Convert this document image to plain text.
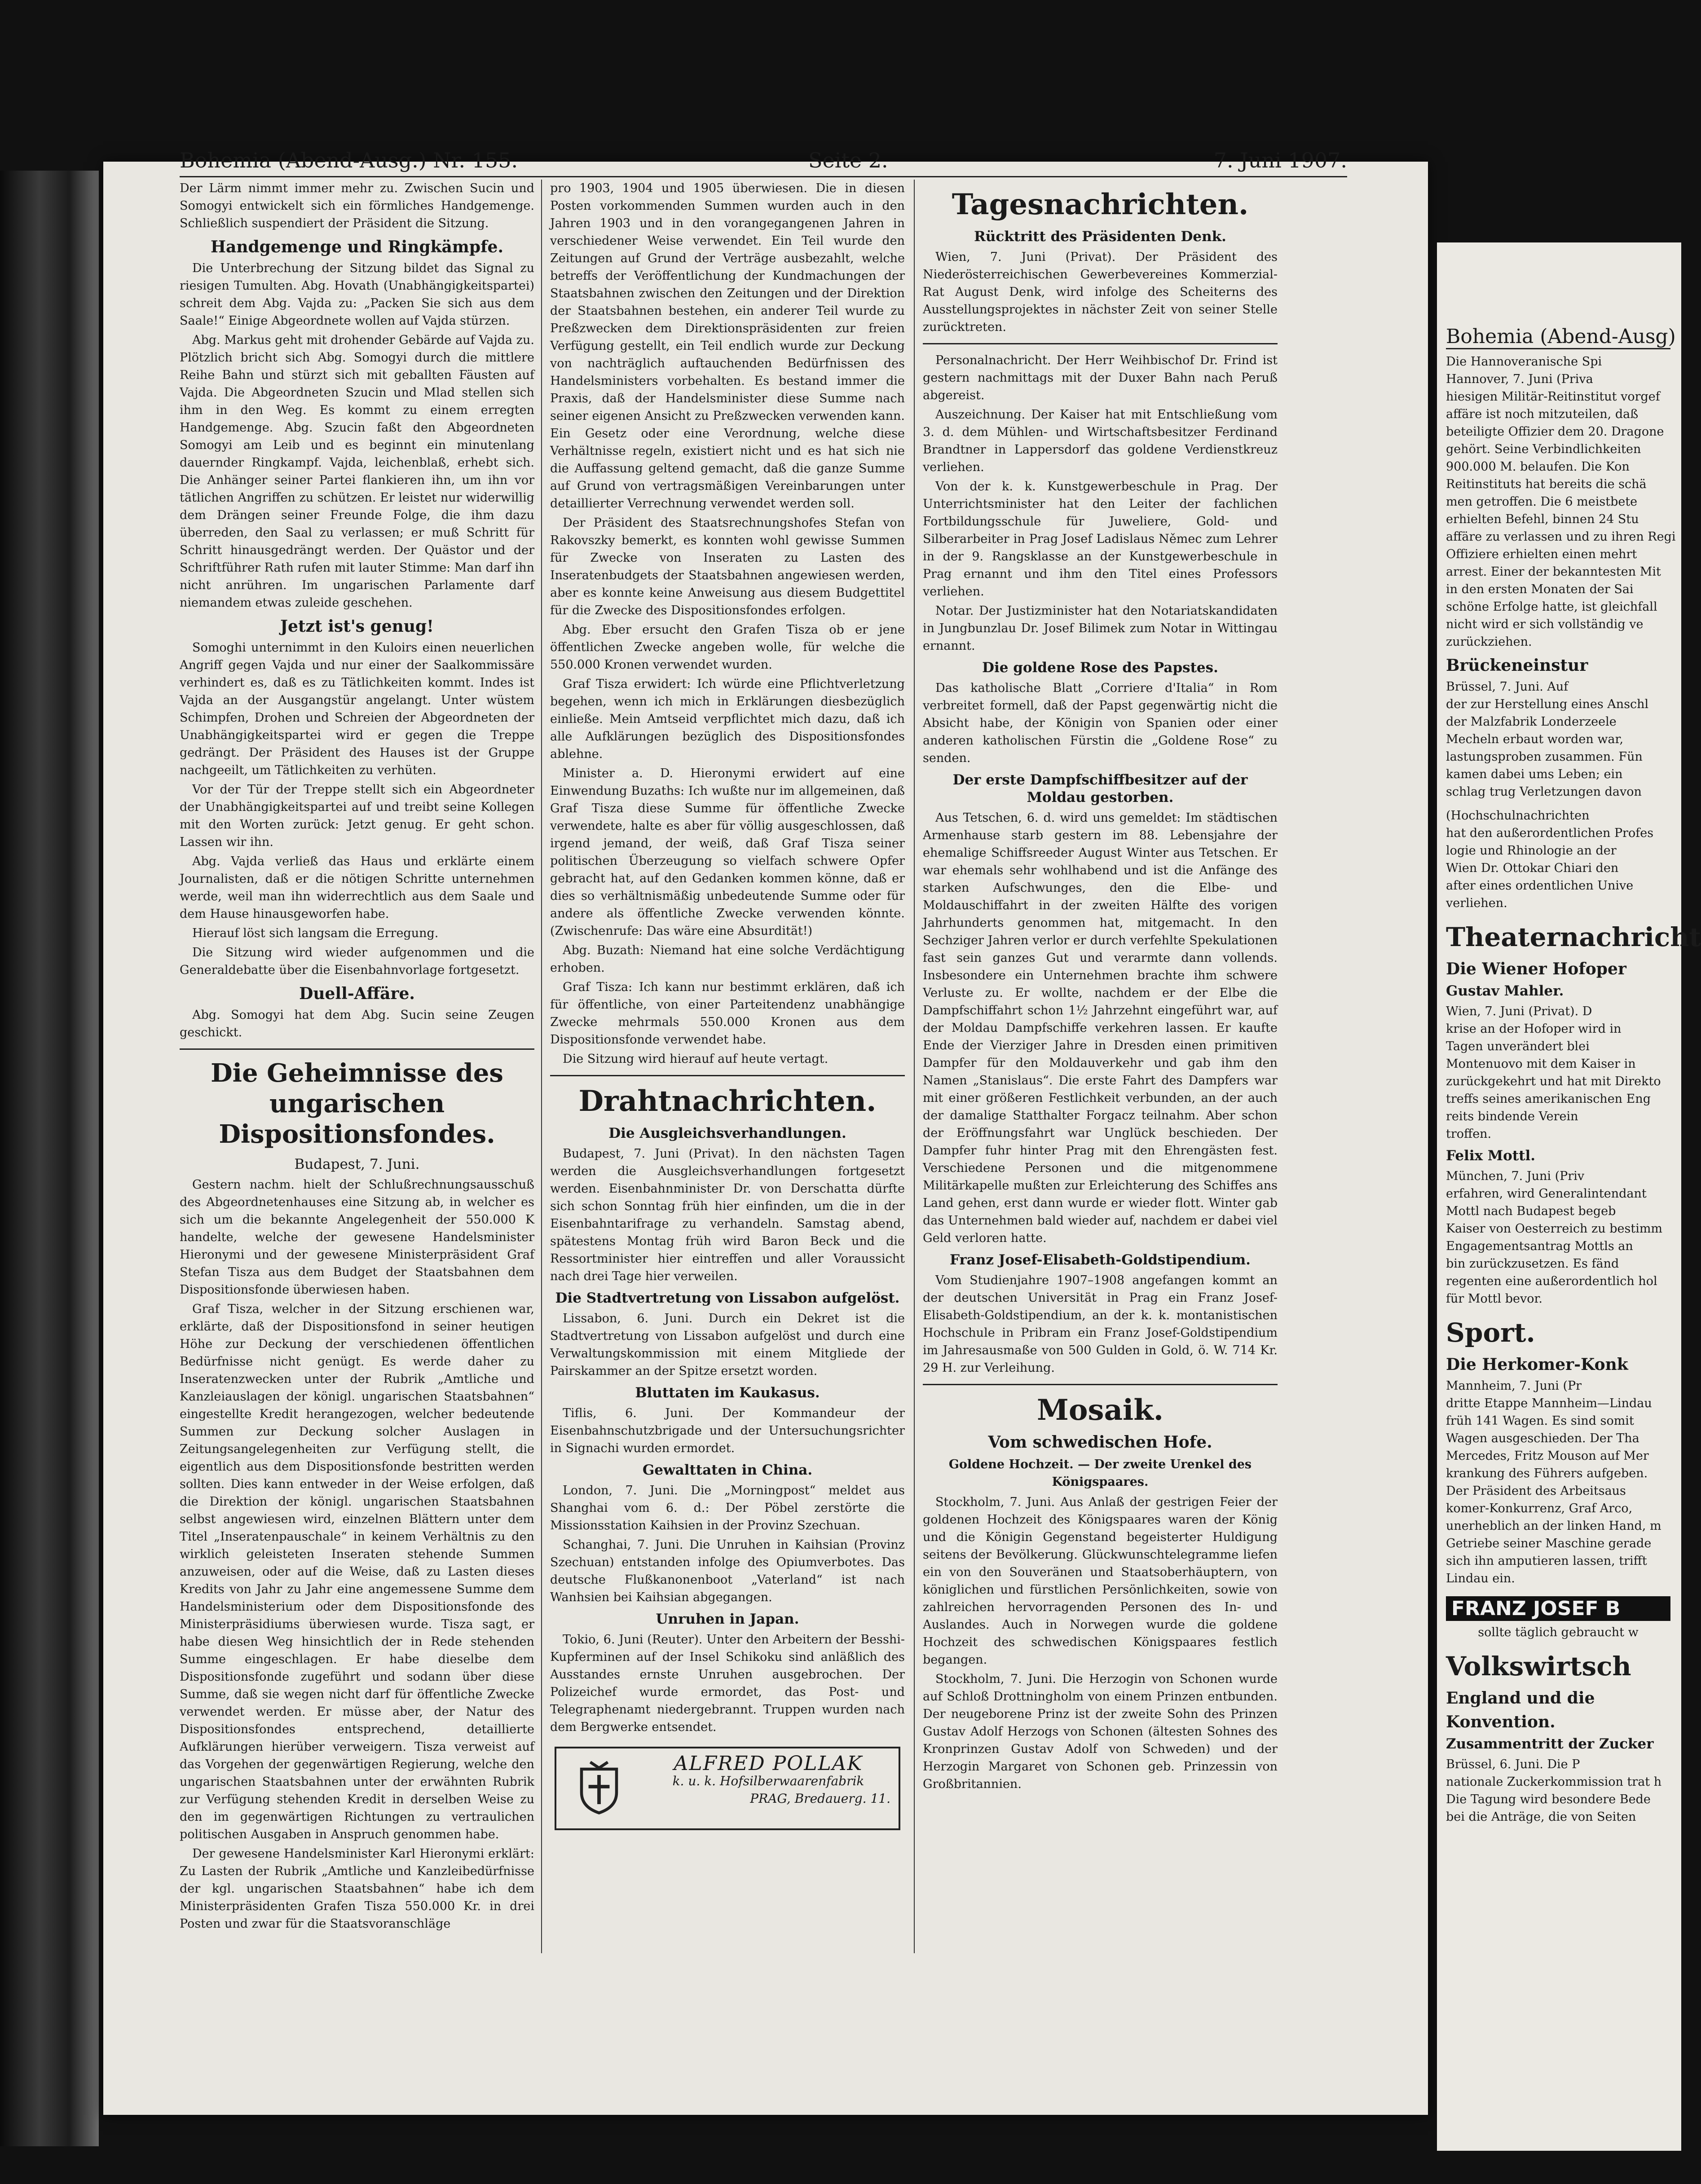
Bohemia (Abend-Ausg.) Nr. 155.	Seite 2.	7. Juni 1907.

Der Lärm nimmt immer mehr zu. Zwischen Sucin und Somogyi entwickelt sich ein förmliches Handgemenge. Schließlich suspendiert der Präsident die Sitzung.

Handgemenge und Ringkämpfe.

Die Unterbrechung der Sitzung bildet das Signal zu riesigen Tumulten. Abg. Hovath (Unabhängigkeitspartei) schreit dem Abg. Vajda zu: „Packen Sie sich aus dem Saale!“ Einige Abgeordnete wollen auf Vajda stürzen.

Abg. Markus geht mit drohender Gebärde auf Vajda zu. Plötzlich bricht sich Abg. Somogyi durch die mittlere Reihe Bahn und stürzt sich mit geballten Fäusten auf Vajda. Die Abgeordneten Szucin und Mlad stellen sich ihm in den Weg. Es kommt zu einem erregten Handgemenge. Abg. Szucin faßt den Abgeordneten Somogyi am Leib und es beginnt ein minutenlang dauernder Ringkampf. Vajda, leichenblaß, erhebt sich. Die Anhänger seiner Partei flankieren ihn, um ihn vor tätlichen Angriffen zu schützen. Er leistet nur widerwillig dem Drängen seiner Freunde Folge, die ihm dazu überreden, den Saal zu verlassen; er muß Schritt für Schritt hinausgedrängt werden. Der Quästor und der Schriftführer Rath rufen mit lauter Stimme: Man darf ihn nicht anrühren. Im ungarischen Parlamente darf niemandem etwas zuleide geschehen.

Jetzt ist's genug!

Somoghi unternimmt in den Kuloirs einen neuerlichen Angriff gegen Vajda und nur einer der Saalkommissäre verhindert es, daß es zu Tätlichkeiten kommt. Indes ist Vajda an der Ausgangstür angelangt. Unter wüstem Schimpfen, Drohen und Schreien der Abgeordneten der Unabhängigkeitspartei wird er gegen die Treppe gedrängt. Der Präsident des Hauses ist der Gruppe nachgeeilt, um Tätlichkeiten zu verhüten.

Vor der Tür der Treppe stellt sich ein Abgeordneter der Unabhängigkeitspartei auf und treibt seine Kollegen mit den Worten zurück: Jetzt genug. Er geht schon. Lassen wir ihn.

Abg. Vajda verließ das Haus und erklärte einem Journalisten, daß er die nötigen Schritte unternehmen werde, weil man ihn widerrechtlich aus dem Saale und dem Hause hinausgeworfen habe.

Hierauf löst sich langsam die Erregung.

Die Sitzung wird wieder aufgenommen und die Generaldebatte über die Eisenbahnvorlage fortgesetzt.

Duell-Affäre.

Abg. Somogyi hat dem Abg. Sucin seine Zeugen geschickt.

Die Geheimnisse des ungarischen Dispositionsfondes.
Budapest, 7. Juni.

Gestern nachm. hielt der Schlußrechnungsausschuß des Abgeordnetenhauses eine Sitzung ab, in welcher es sich um die bekannte Angelegenheit der 550.000 K handelte, welche der gewesene Handelsminister Hieronymi und der gewesene Ministerpräsident Graf Stefan Tisza aus dem Budget der Staatsbahnen dem Dispositionsfonde überwiesen haben.

Graf Tisza, welcher in der Sitzung erschienen war, erklärte, daß der Dispositionsfond in seiner heutigen Höhe zur Deckung der verschiedenen öffentlichen Bedürfnisse nicht genügt. Es werde daher zu Inseratenzwecken unter der Rubrik „Amtliche und Kanzleiauslagen der königl. ungarischen Staatsbahnen“ eingestellte Kredit herangezogen, welcher bedeutende Summen zur Deckung solcher Auslagen in Zeitungsangelegenheiten zur Verfügung stellt, die eigentlich aus dem Dispositionsfonde bestritten werden sollten. Dies kann entweder in der Weise erfolgen, daß die Direktion der königl. ungarischen Staatsbahnen selbst angewiesen wird, einzelnen Blättern unter dem Titel „Inseratenpauschale“ in keinem Verhältnis zu den wirklich geleisteten Inseraten stehende Summen anzuweisen, oder auf die Weise, daß zu Lasten dieses Kredits von Jahr zu Jahr eine angemessene Summe dem Handelsministerium oder dem Dispositionsfonde des Ministerpräsidiums überwiesen wurde. Tisza sagt, er habe diesen Weg hinsichtlich der in Rede stehenden Summe eingeschlagen. Er habe dieselbe dem Dispositionsfonde zugeführt und sodann über diese Summe, daß sie wegen nicht darf für öffentliche Zwecke verwendet werden. Er müsse aber, der Natur des Dispositionsfondes entsprechend, detaillierte Aufklärungen hierüber verweigern. Tisza verweist auf das Vorgehen der gegenwärtigen Regierung, welche den ungarischen Staatsbahnen unter der erwähnten Rubrik zur Verfügung stehenden Kredit in derselben Weise zu den im gegenwärtigen Richtungen zu vertraulichen politischen Ausgaben in Anspruch genommen habe.

Der gewesene Handelsminister Karl Hieronymi erklärt: Zu Lasten der Rubrik „Amtliche und Kanzleibedürfnisse der kgl. ungarischen Staatsbahnen“ habe ich dem Ministerpräsidenten Grafen Tisza 550.000 Kr. in drei Posten und zwar für die Staatsvoranschläge

pro 1903, 1904 und 1905 überwiesen. Die in diesen Posten vorkommenden Summen wurden auch in den Jahren 1903 und in den vorangegangenen Jahren in verschiedener Weise verwendet. Ein Teil wurde den Zeitungen auf Grund der Verträge ausbezahlt, welche betreffs der Veröffentlichung der Kundmachungen der Staatsbahnen zwischen den Zeitungen und der Direktion der Staatsbahnen bestehen, ein anderer Teil wurde zu Preßzwecken dem Direktionspräsidenten zur freien Verfügung gestellt, ein Teil endlich wurde zur Deckung von nachträglich auftauchenden Bedürfnissen des Handelsministers vorbehalten. Es bestand immer die Praxis, daß der Handelsminister diese Summe nach seiner eigenen Ansicht zu Preßzwecken verwenden kann. Ein Gesetz oder eine Verordnung, welche diese Verhältnisse regeln, existiert nicht und es hat sich nie die Auffassung geltend gemacht, daß die ganze Summe auf Grund von vertragsmäßigen Vereinbarungen unter detaillierter Verrechnung verwendet werden soll.

Der Präsident des Staatsrechnungshofes Stefan von Rakovszky bemerkt, es konnten wohl gewisse Summen für Zwecke von Inseraten zu Lasten des Inseratenbudgets der Staatsbahnen angewiesen werden, aber es konnte keine Anweisung aus diesem Budgettitel für die Zwecke des Dispositionsfondes erfolgen.

Abg. Eber ersucht den Grafen Tisza ob er jene öffentlichen Zwecke angeben wolle, für welche die 550.000 Kronen verwendet wurden.

Graf Tisza erwidert: Ich würde eine Pflichtverletzung begehen, wenn ich mich in Erklärungen diesbezüglich einließe. Mein Amtseid verpflichtet mich dazu, daß ich alle Aufklärungen bezüglich des Dispositionsfondes ablehne.

Minister a. D. Hieronymi erwidert auf eine Einwendung Buzaths: Ich wußte nur im allgemeinen, daß Graf Tisza diese Summe für öffentliche Zwecke verwendete, halte es aber für völlig ausgeschlossen, daß irgend jemand, der weiß, daß Graf Tisza seiner politischen Überzeugung so vielfach schwere Opfer gebracht hat, auf den Gedanken kommen könne, daß er dies so verhältnismäßig unbedeutende Summe oder für andere als öffentliche Zwecke verwenden könnte. (Zwischenrufe: Das wäre eine Absurdität!)

Abg. Buzath: Niemand hat eine solche Verdächtigung erhoben.

Graf Tisza: Ich kann nur bestimmt erklären, daß ich für öffentliche, von einer Parteitendenz unabhängige Zwecke mehrmals 550.000 Kronen aus dem Dispositionsfonde verwendet habe.

Die Sitzung wird hierauf auf heute vertagt.

Drahtnachrichten.
Die Ausgleichsverhandlungen.

Budapest, 7. Juni (Privat). In den nächsten Tagen werden die Ausgleichsverhandlungen fortgesetzt werden. Eisenbahnminister Dr. von Derschatta dürfte sich schon Sonntag früh hier einfinden, um die in der Eisenbahntarifrage zu verhandeln. Samstag abend, spätestens Montag früh wird Baron Beck und die Ressortminister hier eintreffen und aller Voraussicht nach drei Tage hier verweilen.

Die Stadtvertretung von Lissabon aufgelöst.

Lissabon, 6. Juni. Durch ein Dekret ist die Stadtvertretung von Lissabon aufgelöst und durch eine Verwaltungskommission mit einem Mitgliede der Pairskammer an der Spitze ersetzt worden.

Bluttaten im Kaukasus.

Tiflis, 6. Juni. Der Kommandeur der Eisenbahnschutzbrigade und der Untersuchungsrichter in Signachi wurden ermordet.

Gewalttaten in China.

London, 7. Juni. Die „Morningpost“ meldet aus Shanghai vom 6. d.: Der Pöbel zerstörte die Missionsstation Kaihsien in der Provinz Szechuan.

Schanghai, 7. Juni. Die Unruhen in Kaihsian (Provinz Szechuan) entstanden infolge des Opiumverbotes. Das deutsche Flußkanonenboot „Vaterland“ ist nach Wanhsien bei Kaihsian abgegangen.

Unruhen in Japan.

Tokio, 6. Juni (Reuter). Unter den Arbeitern der Besshi-Kupferminen auf der Insel Schikoku sind anläßlich des Ausstandes ernste Unruhen ausgebrochen. Der Polizeichef wurde ermordet, das Post- und Telegraphenamt niedergebrannt. Truppen wurden nach dem Bergwerke entsendet.

ALFRED POLLAK
k. u. k. Hofsilberwaarenfabrik
PRAG, Bredauerg. 11.
Tagesnachrichten.
Rücktritt des Präsidenten Denk.

Wien, 7. Juni (Privat). Der Präsident des Niederösterreichischen Gewerbevereines Kommerzial-Rat August Denk, wird infolge des Scheiterns des Ausstellungsprojektes in nächster Zeit von seiner Stelle zurücktreten.

Personalnachricht. Der Herr Weihbischof Dr. Frind ist gestern nachmittags mit der Duxer Bahn nach Peruß abgereist.

Auszeichnung. Der Kaiser hat mit Entschließung vom 3. d. dem Mühlen- und Wirtschaftsbesitzer Ferdinand Brandtner in Lappersdorf das goldene Verdienstkreuz verliehen.

Von der k. k. Kunstgewerbeschule in Prag. Der Unterrichtsminister hat den Leiter der fachlichen Fortbildungsschule für Juweliere, Gold- und Silberarbeiter in Prag Josef Ladislaus Němec zum Lehrer in der 9. Rangsklasse an der Kunstgewerbeschule in Prag ernannt und ihm den Titel eines Professors verliehen.

Notar. Der Justizminister hat den Notariatskandidaten in Jungbunzlau Dr. Josef Bilimek zum Notar in Wittingau ernannt.

Die goldene Rose des Papstes.

Das katholische Blatt „Corriere d'Italia“ in Rom verbreitet formell, daß der Papst gegenwärtig nicht die Absicht habe, der Königin von Spanien oder einer anderen katholischen Fürstin die „Goldene Rose“ zu senden.

Der erste Dampfschiffbesitzer auf der Moldau gestorben.

Aus Tetschen, 6. d. wird uns gemeldet: Im städtischen Armenhause starb gestern im 88. Lebensjahre der ehemalige Schiffsreeder August Winter aus Tetschen. Er war ehemals sehr wohlhabend und ist die Anfänge des starken Aufschwunges, den die Elbe- und Moldauschiffahrt in der zweiten Hälfte des vorigen Jahrhunderts genommen hat, mitgemacht. In den Sechziger Jahren verlor er durch verfehlte Spekulationen fast sein ganzes Gut und verarmte dann vollends. Insbesondere ein Unternehmen brachte ihm schwere Verluste zu. Er wollte, nachdem er der Elbe die Dampfschiffahrt schon 1½ Jahrzehnt eingeführt war, auf der Moldau Dampfschiffe verkehren lassen. Er kaufte Ende der Vierziger Jahre in Dresden einen primitiven Dampfer für den Moldauverkehr und gab ihm den Namen „Stanislaus“. Die erste Fahrt des Dampfers war mit einer größeren Festlichkeit verbunden, an der auch der damalige Statthalter Forgacz teilnahm. Aber schon der Eröffnungsfahrt war Unglück beschieden. Der Dampfer fuhr hinter Prag mit den Ehrengästen fest. Verschiedene Personen und die mitgenommene Militärkapelle mußten zur Erleichterung des Schiffes ans Land gehen, erst dann wurde er wieder flott. Winter gab das Unternehmen bald wieder auf, nachdem er dabei viel Geld verloren hatte.

Franz Josef-Elisabeth-Goldstipendium.

Vom Studienjahre 1907–1908 angefangen kommt an der deutschen Universität in Prag ein Franz Josef-Elisabeth-Goldstipendium, an der k. k. montanistischen Hochschule in Pribram ein Franz Josef-Goldstipendium im Jahresausmaße von 500 Gulden in Gold, ö. W. 714 Kr. 29 H. zur Verleihung.

Mosaik.
Vom schwedischen Hofe.
Goldene Hochzeit. — Der zweite Urenkel des Königspaares.

Stockholm, 7. Juni. Aus Anlaß der gestrigen Feier der goldenen Hochzeit des Königspaares waren der König und die Königin Gegenstand begeisterter Huldigung seitens der Bevölkerung. Glückwunschtelegramme liefen ein von den Souveränen und Staatsoberhäuptern, von königlichen und fürstlichen Persönlichkeiten, sowie von zahlreichen hervorragenden Personen des In- und Auslandes. Auch in Norwegen wurde die goldene Hochzeit des schwedischen Königspaares festlich begangen.

Stockholm, 7. Juni. Die Herzogin von Schonen wurde auf Schloß Drottningholm von einem Prinzen entbunden. Der neugeborene Prinz ist der zweite Sohn des Prinzen Gustav Adolf Herzogs von Schonen (ältesten Sohnes des Kronprinzen Gustav Adolf von Schweden) und der Herzogin Margaret von Schonen geb. Prinzessin von Großbritannien.

Bohemia (Abend-Ausg)
Die Hannoveranische Spi
Hannover, 7. Juni (Priva
hiesigen Militär-Reitinstitut vorgef
affäre ist noch mitzuteilen, daß
beteiligte Offizier dem 20. Dragone
gehört. Seine Verbindlichkeiten
900.000 M. belaufen. Die Kon
Reitinstituts hat bereits die schä
men getroffen. Die 6 meistbete
erhielten Befehl, binnen 24 Stu
affäre zu verlassen und zu ihren Regi
Offiziere erhielten einen mehrt
arrest. Einer der bekanntesten Mit
in den ersten Monaten der Sai
schöne Erfolge hatte, ist gleichfall
nicht wird er sich vollständig ve
zurückziehen.
Brückeneinstur
Brüssel, 7. Juni. Auf
der zur Herstellung eines Anschl
der Malzfabrik Londerzeele
Mecheln erbaut worden war,
lastungsproben zusammen. Fün
kamen dabei ums Leben; ein
schlag trug Verletzungen davon
(Hochschulnachrichten
hat den außerordentlichen Profes
logie und Rhinologie an der
Wien Dr. Ottokar Chiari den
after eines ordentlichen Unive
verliehen.
Theaternachricht
Die Wiener Hofoper
Gustav Mahler.
Wien, 7. Juni (Privat). D
krise an der Hofoper wird in
Tagen unverändert blei
Montenuovo mit dem Kaiser in
zurückgekehrt und hat mit Direkto
treffs seines amerikanischen Eng
reits bindende Verein
troffen.
Felix Mottl.
München, 7. Juni (Priv
erfahren, wird Generalintendant
Mottl nach Budapest begeb
Kaiser von Oesterreich zu bestimm
Engagementsantrag Mottls an
bin zurückzusetzen. Es fänd
regenten eine außerordentlich hol
für Mottl bevor.
Sport.
Die Herkomer-Konk
Mannheim, 7. Juni (Pr
dritte Etappe Mannheim—Lindau
früh 141 Wagen. Es sind somit
Wagen ausgeschieden. Der Tha
Mercedes, Fritz Mouson auf Mer
krankung des Führers aufgeben.
Der Präsident des Arbeitsaus
komer-Konkurrenz, Graf Arco,
unerheblich an der linken Hand, m
Getriebe seiner Maschine gerade
sich ihn amputieren lassen, trifft
Lindau ein.
FRANZ JOSEF B
sollte täglich gebraucht w
Volkswirtsch
England und die
Konvention.
Zusammentritt der Zucker
Brüssel, 6. Juni. Die P
nationale Zuckerkommission trat h
Die Tagung wird besondere Bede
bei die Anträge, die von Seiten
